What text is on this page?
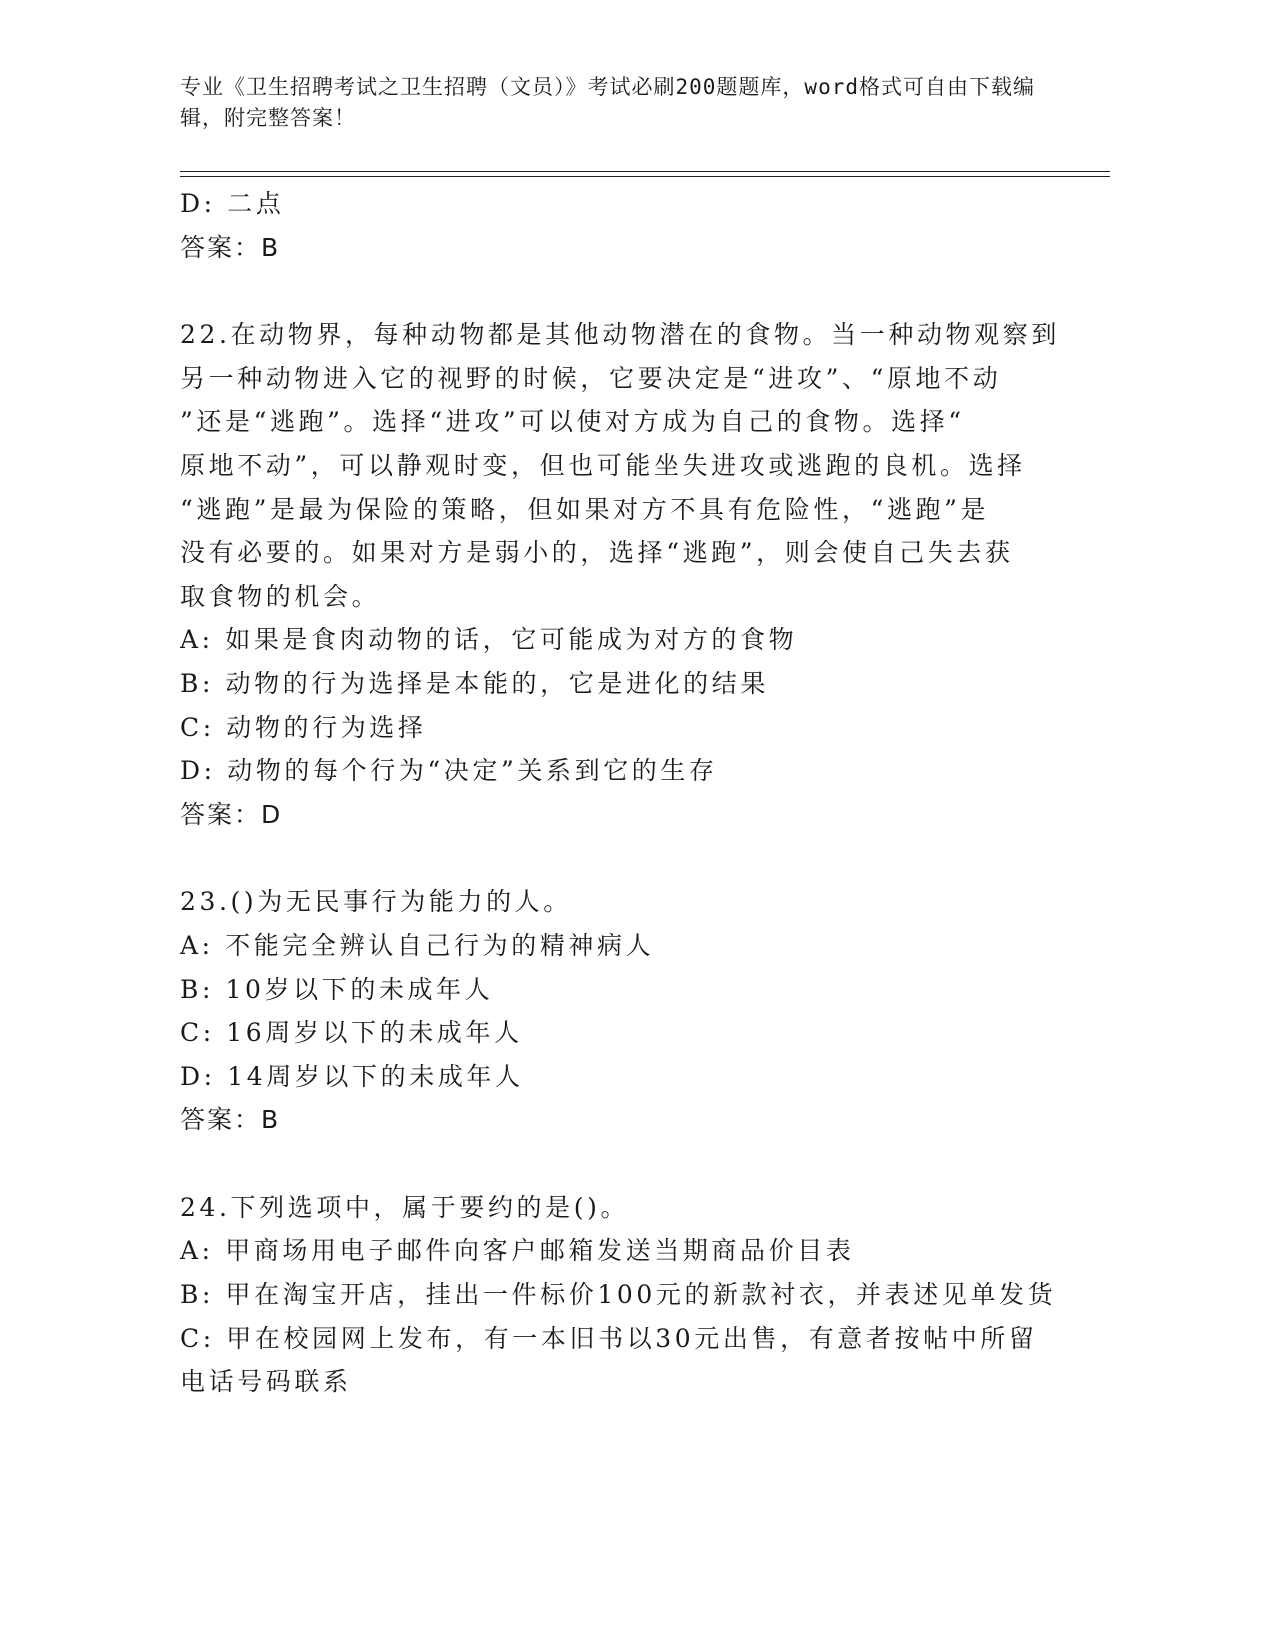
专业《卫生招聘考试之卫生招聘（文员）》考试必刷200题题库，word格式可自由下载编辑，附完整答案！

D: 二点

答案：B

22.在动物界，每种动物都是其他动物潜在的食物。当一种动物观察到

另一种动物进入它的视野的时候，它要决定是“进攻”、“原地不动

”还是“逃跑”。选择“进攻”可以使对方成为自己的食物。选择“

原地不动”，可以静观时变，但也可能坐失进攻或逃跑的良机。选择

“逃跑”是最为保险的策略，但如果对方不具有危险性，“逃跑”是

没有必要的。如果对方是弱小的，选择“逃跑”，则会使自己失去获

取食物的机会。

A: 如果是食肉动物的话，它可能成为对方的食物

B: 动物的行为选择是本能的，它是进化的结果

C: 动物的行为选择

D: 动物的每个行为“决定”关系到它的生存

答案：D

23.()为无民事行为能力的人。

A: 不能完全辨认自己行为的精神病人

B: 10岁以下的未成年人

C: 16周岁以下的未成年人

D: 14周岁以下的未成年人

答案：B

24.下列选项中，属于要约的是()。

A: 甲商场用电子邮件向客户邮箱发送当期商品价目表

B: 甲在淘宝开店，挂出一件标价100元的新款衬衣，并表述见单发货

C: 甲在校园网上发布，有一本旧书以30元出售，有意者按帖中所留

电话号码联系
